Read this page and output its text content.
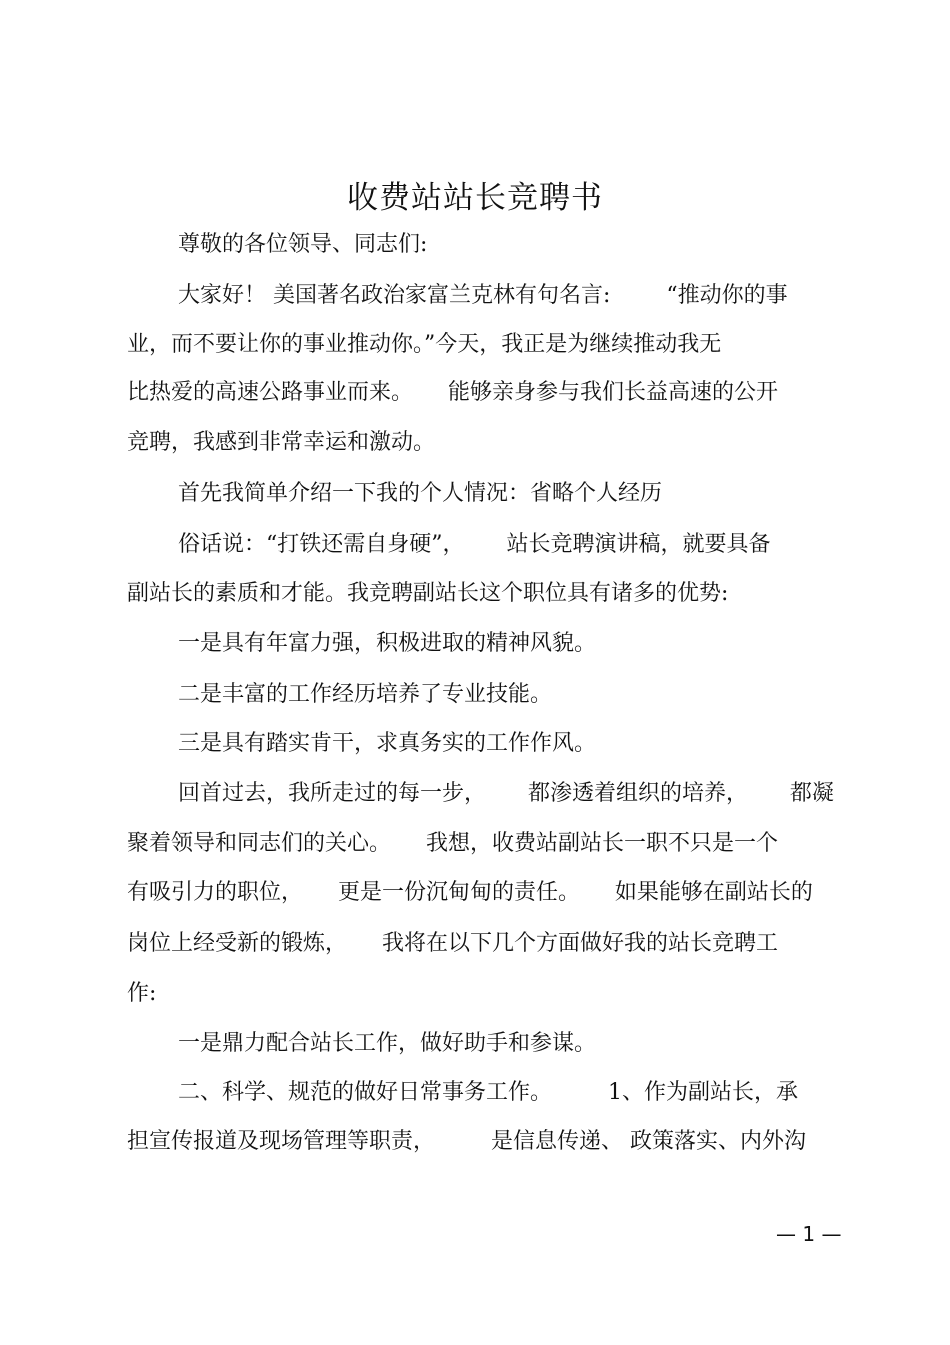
收费站站长竞聘书
尊敬的各位领导、同志们:
大家好！ 美国著名政治家富兰克林有句名言:        “推动你的事
业，而不要让你的事业推动你。”今天，我正是为继续推动我无
比热爱的高速公路事业而来。     能够亲身参与我们长益高速的公开
竞聘，我感到非常幸运和激动。
首先我简单介绍一下我的个人情况：省略个人经历
俗话说：“打铁还需自身硬”，      站长竞聘演讲稿，就要具备
副站长的素质和才能。我竞聘副站长这个职位具有诸多的优势:
一是具有年富力强，积极进取的精神风貌。
二是丰富的工作经历培养了专业技能。
三是具有踏实肯干，求真务实的工作作风。
回首过去，我所走过的每一步，      都渗透着组织的培养，      都凝
聚着领导和同志们的关心。     我想，收费站副站长一职不只是一个
有吸引力的职位，     更是一份沉甸甸的责任。     如果能够在副站长的
岗位上经受新的锻炼，     我将在以下几个方面做好我的站长竞聘工
作:
一是鼎力配合站长工作，做好助手和参谋。
二、科学、规范的做好日常事务工作。        1、作为副站长，承
担宣传报道及现场管理等职责，        是信息传递、 政策落实、内外沟
— 1 —
